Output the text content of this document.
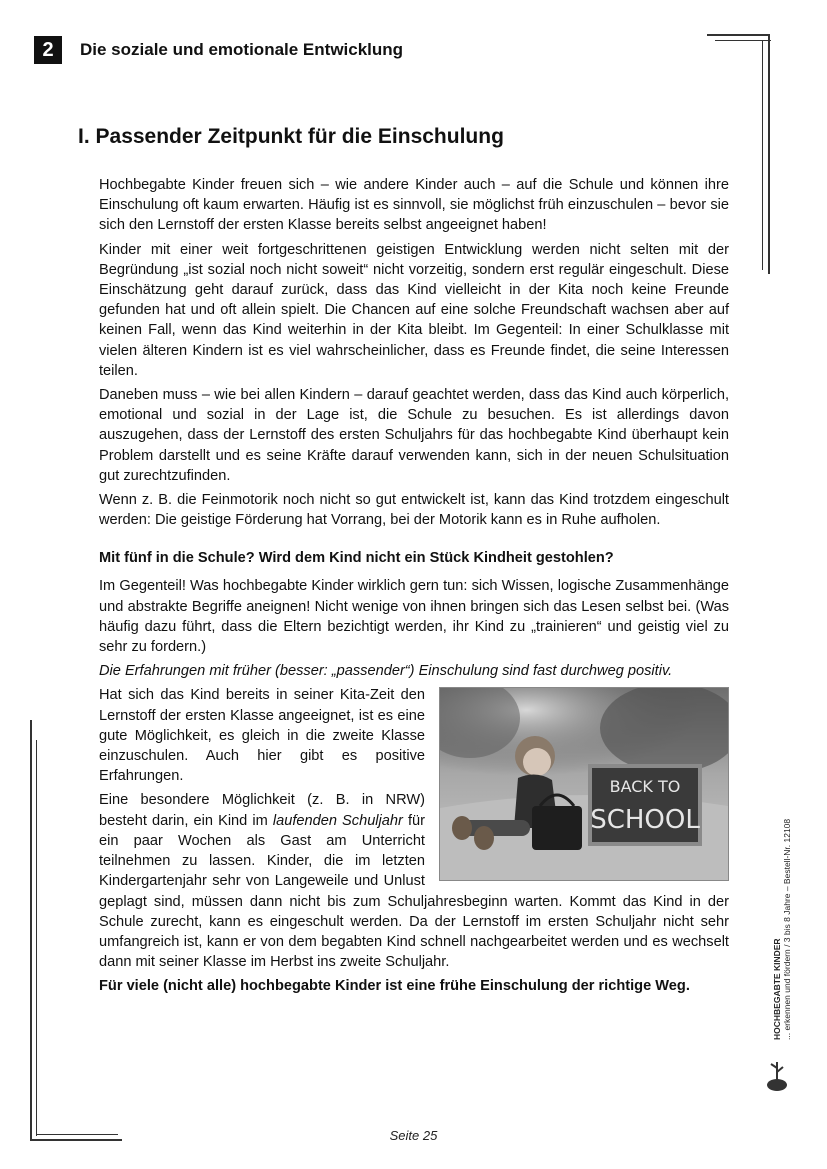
2	Die soziale und emotionale Entwicklung
I. Passender Zeitpunkt für die Einschulung

Hochbegabte Kinder freuen sich – wie andere Kinder auch – auf die Schule und können ihre Einschulung oft kaum erwarten. Häufig ist es sinnvoll, sie möglichst früh einzuschulen – bevor sie sich den Lernstoff der ersten Klasse bereits selbst angeeignet haben!

Kinder mit einer weit fortgeschrittenen geistigen Entwicklung werden nicht selten mit der Begründung „ist sozial noch nicht soweit“ nicht vorzeitig, sondern erst regulär eingeschult. Diese Einschätzung geht darauf zurück, dass das Kind vielleicht in der Kita noch keine Freunde gefunden hat und oft allein spielt. Die Chancen auf eine solche Freundschaft wachsen aber auf keinen Fall, wenn das Kind weiterhin in der Kita bleibt. Im Gegenteil: In einer Schulklasse mit vielen älteren Kindern ist es viel wahrscheinlicher, dass es Freunde findet, die seine Interessen teilen.

Daneben muss – wie bei allen Kindern – darauf geachtet werden, dass das Kind auch körperlich, emotional und sozial in der Lage ist, die Schule zu besuchen. Es ist allerdings davon auszugehen, dass der Lernstoff des ersten Schuljahrs für das hochbegabte Kind überhaupt kein Problem darstellt und es seine Kräfte darauf verwenden kann, sich in der neuen Schulsituation gut zurechtzufinden.

Wenn z. B. die Feinmotorik noch nicht so gut entwickelt ist, kann das Kind trotzdem eingeschult werden: Die geistige Förderung hat Vorrang, bei der Motorik kann es in Ruhe aufholen.

Mit fünf in die Schule? Wird dem Kind nicht ein Stück Kindheit gestohlen?

Im Gegenteil! Was hochbegabte Kinder wirklich gern tun: sich Wissen, logische Zusammenhänge und abstrakte Begriffe aneignen! Nicht wenige von ihnen bringen sich das Lesen selbst bei. (Was häufig dazu führt, dass die Eltern bezichtigt werden, ihr Kind zu „trainieren“ und geistig viel zu sehr zu fordern.)

Die Erfahrungen mit früher (besser: „passender“) Einschulung sind fast durchweg positiv.

BACK TO
SCHOOL

Hat sich das Kind bereits in seiner Kita-Zeit den Lernstoff der ersten Klasse angeeignet, ist es eine gute Möglichkeit, es gleich in die zweite Klasse einzuschulen. Auch hier gibt es positive Erfahrungen.

Eine besondere Möglichkeit (z. B. in NRW) besteht darin, ein Kind im laufenden Schuljahr für ein paar Wochen als Gast am Unterricht teilnehmen zu lassen. Kinder, die im letzten Kindergartenjahr sehr von Langeweile und Unlust geplagt sind, müssen dann nicht bis zum Schuljahresbeginn warten. Kommt das Kind in der Schule zurecht, kann es eingeschult werden. Da der Lernstoff im ersten Schuljahr nicht sehr umfangreich ist, kann er von dem begabten Kind schnell nachgearbeitet werden und es wechselt dann mit seiner Klasse im Herbst ins zweite Schuljahr.

Für viele (nicht alle) hochbegabte Kinder ist eine frühe Einschulung der richtige Weg.	HOCHBEGABTE KINDER ... erkennen und fördern / 3 bis 8 Jahre – Bestell-Nr. 12108
Seite 25
